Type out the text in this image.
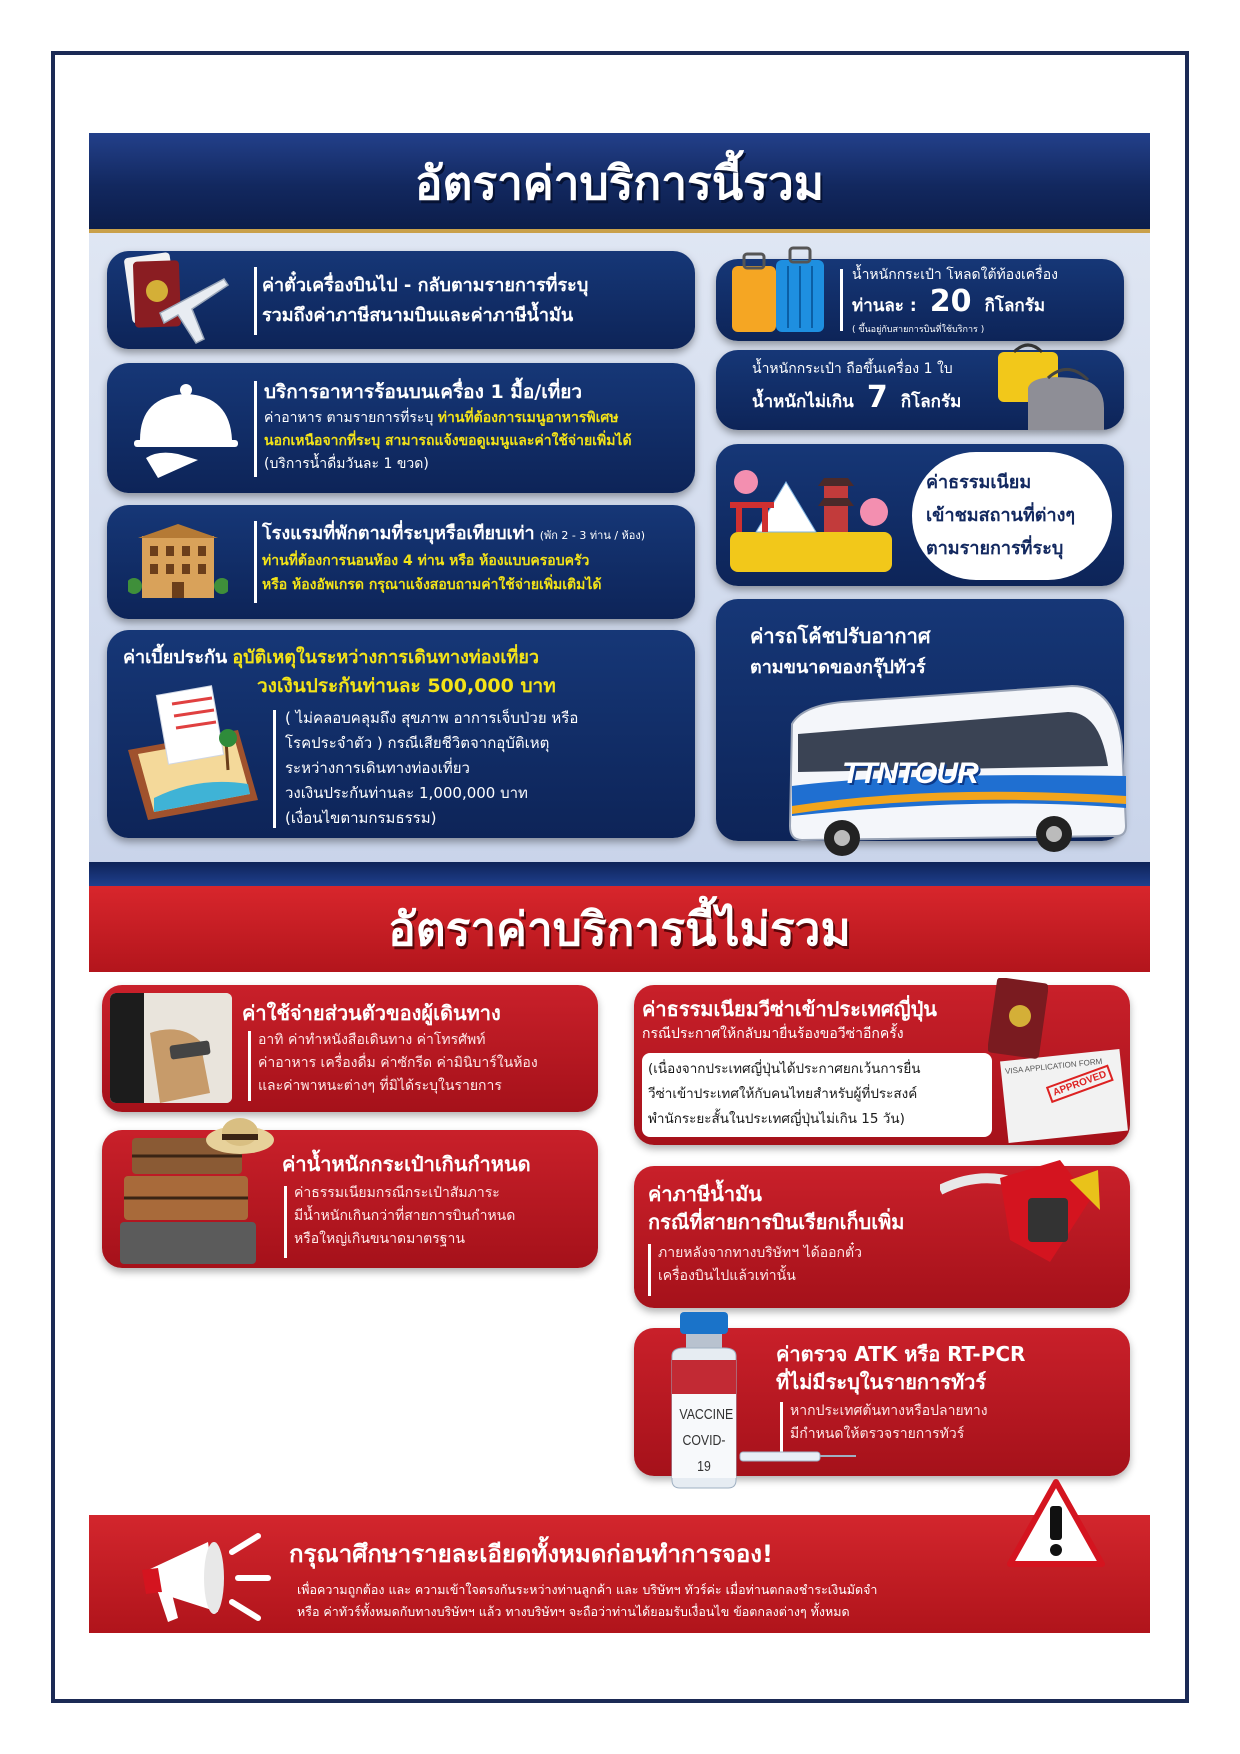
อัตราค่าบริการนี้รวม
ค่าตั๋วเครื่องบินไป - กลับตามรายการที่ระบุ
รวมถึงค่าภาษีสนามบินและค่าภาษีน้ำมัน
บริการอาหารร้อนบนเครื่อง 1 มื้อ/เที่ยว
ค่าอาหาร ตามรายการที่ระบุ ท่านที่ต้องการเมนูอาหารพิเศษ
นอกเหนือจากที่ระบุ สามารถแจ้งขอดูเมนูและค่าใช้จ่ายเพิ่มได้
(บริการน้ำดื่มวันละ 1 ขวด)
โรงแรมที่พักตามที่ระบุหรือเทียบเท่า (พัก 2 - 3 ท่าน / ห้อง)
ท่านที่ต้องการนอนห้อง 4 ท่าน หรือ ห้องแบบครอบครัว
หรือ ห้องอัพเกรด กรุณาแจ้งสอบถามค่าใช้จ่ายเพิ่มเติมได้
ค่าเบี้ยประกัน อุบัติเหตุในระหว่างการเดินทางท่องเที่ยว
วงเงินประกันท่านละ 500,000 บาท
( ไม่คลอบคลุมถึง สุขภาพ อาการเจ็บป่วย หรือ
โรคประจำตัว ) กรณีเสียชีวิตจากอุบัติเหตุ
ระหว่างการเดินทางท่องเที่ยว
วงเงินประกันท่านละ 1,000,000 บาท
(เงื่อนไขตามกรมธรรม)
น้ำหนักกระเป๋า โหลดใต้ท้องเครื่อง
ท่านละ : 20 กิโลกรัม
( ขึ้นอยู่กับสายการบินที่ใช้บริการ )
น้ำหนักกระเป๋า ถือขึ้นเครื่อง 1 ใบ
น้ำหนักไม่เกิน 7 กิโลกรัม
ค่าธรรมเนียม
เข้าชมสถานที่ต่างๆ
ตามรายการที่ระบุ
ค่ารถโค้ชปรับอากาศ
ตามขนาดของกรุ๊ปทัวร์
TTNTOUR
อัตราค่าบริการนี้ไม่รวม
ค่าใช้จ่ายส่วนตัวของผู้เดินทาง
อาทิ ค่าทำหนังสือเดินทาง ค่าโทรศัพท์
ค่าอาหาร เครื่องดื่ม ค่าซักรีด ค่ามินิบาร์ในห้อง
และค่าพาหนะต่างๆ ที่มิได้ระบุในรายการ
ค่าน้ำหนักกระเป๋าเกินกำหนด
ค่าธรรมเนียมกรณีกระเป๋าสัมภาระ
มีน้ำหนักเกินกว่าที่สายการบินกำหนด
หรือใหญ่เกินขนาดมาตรฐาน
ค่าธรรมเนียมวีซ่าเข้าประเทศญี่ปุ่น
กรณีประกาศให้กลับมายื่นร้องขอวีซ่าอีกครั้ง
(เนื่องจากประเทศญี่ปุ่นได้ประกาศยกเว้นการยื่น
วีซ่าเข้าประเทศให้กับคนไทยสำหรับผู้ที่ประสงค์
พำนักระยะสั้นในประเทศญี่ปุ่นไม่เกิน 15 วัน)
VISA APPLICATION FORM
APPROVED
ค่าภาษีน้ำมัน
กรณีที่สายการบินเรียกเก็บเพิ่ม
ภายหลังจากทางบริษัทฯ ได้ออกตั๋ว
เครื่องบินไปแล้วเท่านั้น
ค่าตรวจ ATK หรือ RT-PCR
ที่ไม่มีระบุในรายการทัวร์
หากประเทศต้นทางหรือปลายทาง
มีกำหนดให้ตรวจรายการทัวร์
VACCINE
COVID-19
กรุณาศึกษารายละเอียดทั้งหมดก่อนทำการจอง!
เพื่อความถูกต้อง และ ความเข้าใจตรงกันระหว่างท่านลูกค้า และ บริษัทฯ ทัวร์ค่ะ เมื่อท่านตกลงชำระเงินมัดจำ
หรือ ค่าทัวร์ทั้งหมดกับทางบริษัทฯ แล้ว ทางบริษัทฯ จะถือว่าท่านได้ยอมรับเงื่อนไข ข้อตกลงต่างๆ ทั้งหมด
